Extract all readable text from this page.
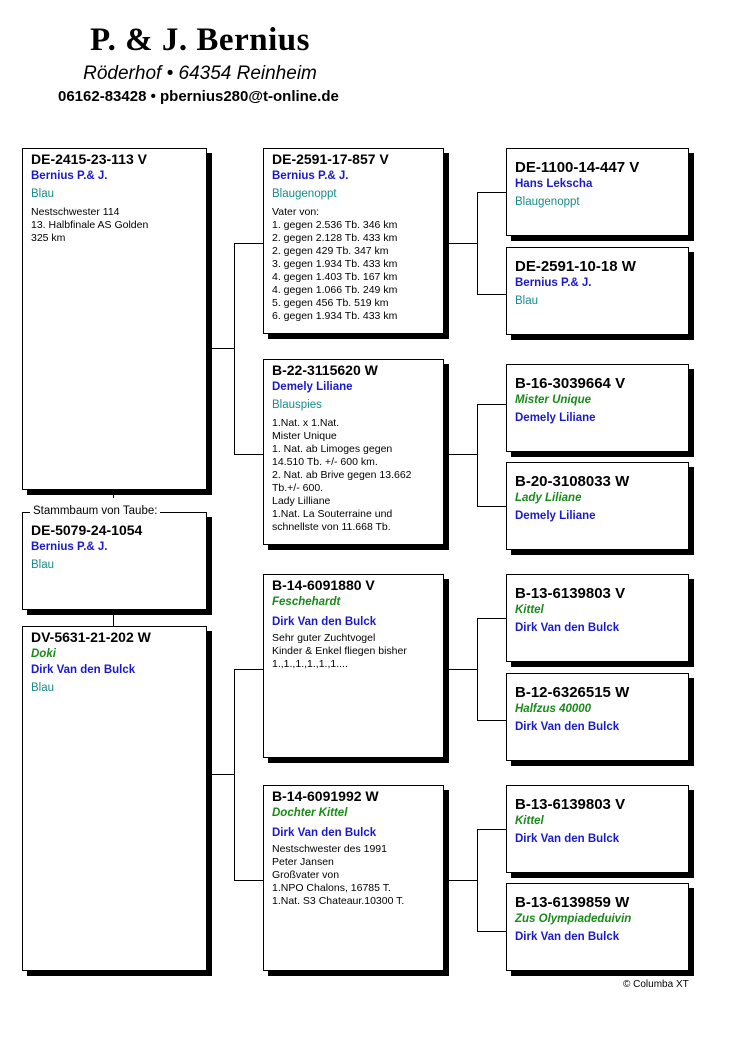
P. & J. Bernius
Röderhof • 64354 Reinheim
06162-83428 • pbernius280@t-online.de
DE-2415-23-113 V
Bernius P.& J.
Blau
Nestschwester 114
13. Halbfinale AS Golden
325 km
DE-5079-24-1054
Bernius P.& J.
Blau
Stammbaum von Taube:
DV-5631-21-202 W
Doki
Dirk Van den Bulck
Blau
DE-2591-17-857 V
Bernius P.& J.
Blaugenoppt
Vater von:
1. gegen 2.536 Tb. 346 km
2. gegen 2.128 Tb. 433 km
2. gegen 429 Tb. 347 km
3. gegen 1.934 Tb. 433 km
4. gegen 1.403 Tb. 167 km
4. gegen 1.066 Tb. 249 km
5. gegen 456 Tb. 519 km
6. gegen 1.934 Tb. 433 km
B-22-3115620 W
Demely Liliane
Blauspies
1.Nat. x 1.Nat.
Mister Unique
1. Nat. ab Limoges gegen
14.510 Tb. +/- 600 km.
2. Nat. ab Brive gegen 13.662
Tb.+/- 600.
Lady Lilliane
1.Nat. La Souterraine und
schnellste von 11.668 Tb.
B-14-6091880 V
Feschehardt
Dirk Van den Bulck
Sehr guter Zuchtvogel
Kinder & Enkel fliegen bisher
1.,1.,1.,1.,1.,1....
B-14-6091992 W
Dochter Kittel
Dirk Van den Bulck
Nestschwester des 1991
Peter Jansen
Großvater von
1.NPO Chalons, 16785 T.
1.Nat. S3 Chateaur.10300 T.
DE-1100-14-447 V
Hans Lekscha
Blaugenoppt
DE-2591-10-18 W
Bernius P.& J.
Blau
B-16-3039664 V
Mister Unique
Demely Liliane
B-20-3108033 W
Lady Liliane
Demely Liliane
B-13-6139803 V
Kittel
Dirk Van den Bulck
B-12-6326515 W
Halfzus 40000
Dirk Van den Bulck
B-13-6139803 V
Kittel
Dirk Van den Bulck
B-13-6139859 W
Zus Olympiadeduivin
Dirk Van den Bulck
© Columba XT
